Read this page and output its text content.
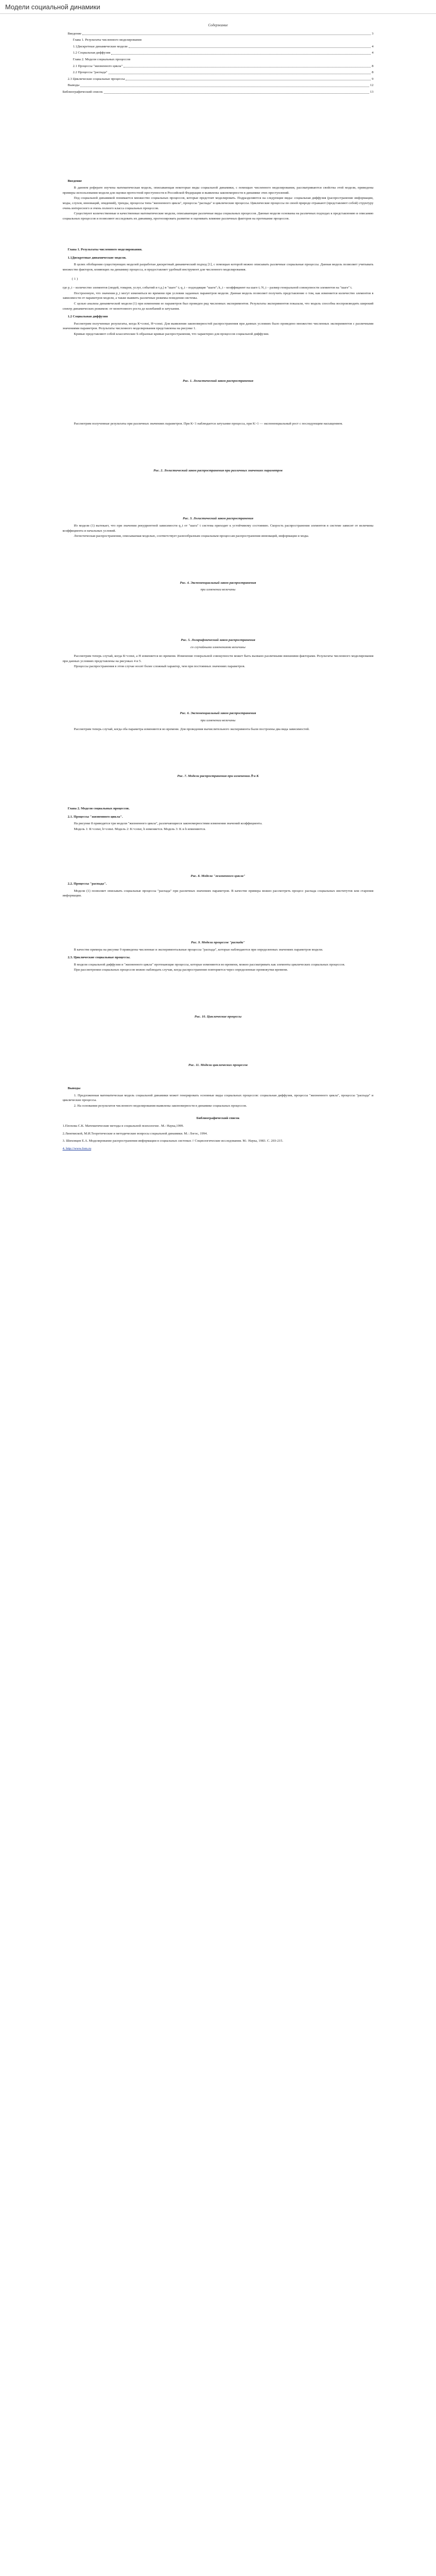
Модели социальной динамики
Содержание
Введение	3
Глава 1. Результаты численного моделирования
1.1Дискретные динамические модели	4
1.2 Социальная диффузия	4
Глава 2. Модели социальных процессов
2.1 Процессы "жизненного цикла"	8
2.2 Процессы "распада"	8
2.3 Циклические социальные процессы	9
Выводы	12
Библиографический список	13
Введение

В данном реферате изучена математическая модель, описывающая некоторые виды социальной динамики, с помощью численного моделирования, рассматриваются свойства этой модели, приведены примеры использования модели для оценки протестной преступности в Российской Федерации и выявлены закономерности в динамике этих преступлений.

Под социальной динамикой понимается множество социальных процессов, которые предстоит моделировать. Подразделяются на следующие виды: социальная диффузия (распространение информации, моды, слухов, инноваций, эпидемий), тренды, процессы типа "жизненного цикла", процессы "распада" и циклические процессы. Циклические процессы по своей природе отражают (представляют собой) структуру очень интересного и очень полного класса социальных процессов.

Существуют количественные и качественные математические модели, описывающие различные виды социальных процессов. Данные модели основаны на различных подходах к представлению и описанию социальных процессов и позволяют исследовать их динамику, прогнозировать развитие и оценивать влияние различных факторов на протекание процессов.

Глава 1. Результаты численного моделирования.
1.1Дискретные динамические модели.

В целях обобщения существующих моделей разработан дискретный динамический подход [1], с помощью которой можно описывать различные социальные процессы. Данная модель позволяет учитывать множество факторов, влияющих на динамику процесса, и предоставляет удобный инструмент для численного моделирования.

(1)

где p_t – количество элементов (людей, товаров, услуг, событий и т.д.) в "шаге" t; q_t – подходящие "шаги"; k_t – коэффициент на шаге t; N_t – размер генеральной совокупности элементов на "шаге" t.

Построенную, что значения p_t могут изменяться во времени при условии заданных параметров модели. Данная модель позволяет получить представление о том, как изменяется количество элементов в зависимости от параметров модели, а также выявить различные режимы поведения системы.

С целью анализа динамической модели (1) при изменении ее параметров был проведен ряд численных экспериментов. Результаты экспериментов показали, что модель способна воспроизводить широкий спектр динамических режимов: от монотонного роста до колебаний и затухания.

1.2 Социальная диффузия

Рассмотрим полученные результаты, когда К=const, Н=const. Для выявления закономерностей распространения при данных условиях было проведено множество численных экспериментов с различными значениями параметров. Результаты численного моделирования представлены на рисунке 1.

Кривые представляют собой классические S-образные кривые распространения, что характерно для процессов социальной диффузии.

Рис. 1. Логистический закон распространения

Рассмотрим полученные результаты при различных значениях параметров. При K<1 наблюдается затухание процесса, при K>1 — экспоненциальный рост с последующим насыщением.

Рис. 2. Логистический закон распространения при различных значениях параметров
Рис. 3. Логистический закон распространения

Из модели (1) вытекает, что при значении рекуррентной зависимости q_t от "шага" t система приходит к устойчивому состоянию. Скорость распространения элементов в системе зависит от величины коэффициента и начальных условий.

Логистическая распространения, описываемая моделью, соответствует разнообразным социальным процессам распространения инноваций, информации и моды.

Рис. 4. Экспоненциальный закон распространения
при изменении величины
Рис. 5. Логарифмический закон распространения
со случайными изменениями величины

Рассмотрим теперь случай, когда К=const, а Н изменяется во времени. Изменение генеральной совокупности может быть вызвано различными внешними факторами. Результаты численного моделирования при данных условиях представлены на рисунках 4 и 5.

Процессы распространения в этом случае носят более сложный характер, чем при постоянных значениях параметров.

Рис. 6. Экспоненциальный закон распространения
при изменении величины

Рассмотрим теперь случай, когда оба параметра изменяются во времени. Для проведения вычислительного эксперимента были построены два вида зависимостей.

Рис. 7. Модели распространения при изменении ℎ и К
Глава 2. Модели социальных процессов.
2.1. Процессы "жизненного цикла".

На рисунке 8 приводятся три модели "жизненного цикла", различающиеся закономерностями изменения значений коэффициента.

Модель 1: К=const, h=const. Модель 2: K=const, h изменяется. Модель 3: K и h изменяются.

Рис. 8. Модели "жизненного цикла"
2.2. Процессы "распада".

Модели (1) позволяет описывать социальные процессы "распада" при различных значениях параметров. В качестве примера можно рассмотреть процесс распада социальных институтов или старения информации.

Рис. 9. Модели процессов "распада"

В качестве примера на рисунке 9 приведены численные и экспериментальные процессы "распада", которые наблюдаются при определенных значениях параметров модели.

2.3. Циклические социальные процессы.

В модели социальной диффузии и "жизненного цикла" протекающие процессы, которые изменяются во времени, можно рассматривать как элементы циклических социальных процессов.

При рассмотрении социальных процессов можно наблюдать случаи, когда распространение повторяется через определенные промежутки времени.

Рис. 10. Циклические процессы
Рис. 11. Модели циклических процессов
Выводы

1. Предложенная математическая модель социальной динамики может генерировать основные виды социальных процессов: социальная диффузия, процессы "жизненного цикла", процессы "распада" и циклические процессы.

2. На основании результатов численного моделирования выявлены закономерности в динамике социальных процессов.

Библиографический список

1.Плохова С.К. Математические методы в социальной психологии . М.: Наука,1999.

2.Лингвиской, М.И.Теоретические и методические вопросы социальной динамики. М.: Логос, 1994.

3. Шиховцев Е.А. Моделирование распространения информации в социальных системах // Социологические исследования. М.: Наука, 1983. С. 203-215.

4. http://www.fom.ru
